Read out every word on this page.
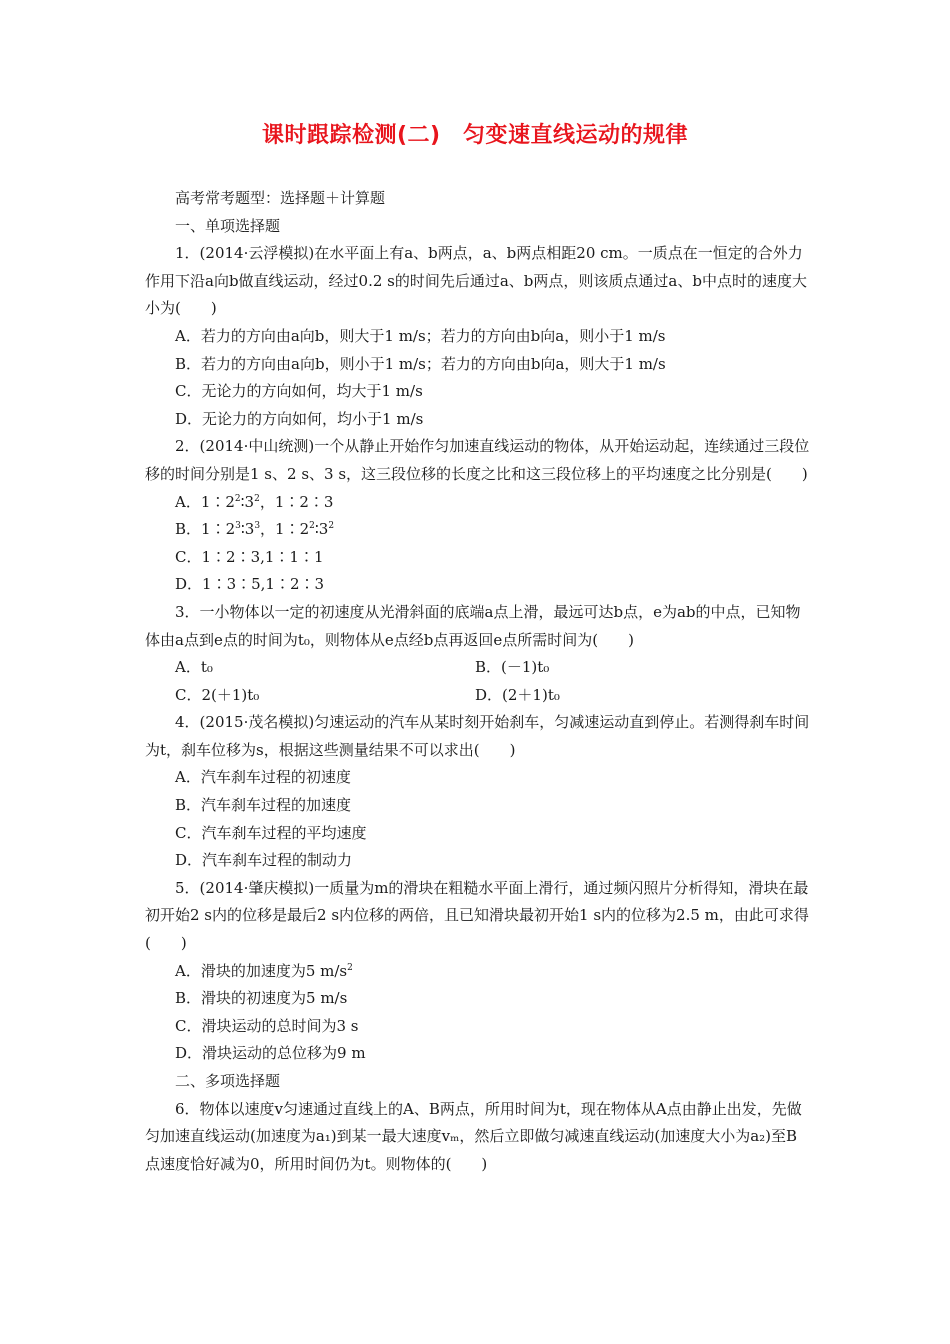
课时跟踪检测(二)　匀变速直线运动的规律

高考常考题型：选择题＋计算题

一、单项选择题

1．(2014·云浮模拟)在水平面上有a、b两点，a、b两点相距20 cm。一质点在一恒定的合外力作用下沿a向b做直线运动，经过0.2 s的时间先后通过a、b两点，则该质点通过a、b中点时的速度大小为(　　)

A．若力的方向由a向b，则大于1 m/s；若力的方向由b向a，则小于1 m/s

B．若力的方向由a向b，则小于1 m/s；若力的方向由b向a，则大于1 m/s

C．无论力的方向如何，均大于1 m/s

D．无论力的方向如何，均小于1 m/s

2．(2014·中山统测)一个从静止开始作匀加速直线运动的物体，从开始运动起，连续通过三段位移的时间分别是1 s、2 s、3 s，这三段位移的长度之比和这三段位移上的平均速度之比分别是(　　)

A．$1∶2^2∶3^2$，1∶2∶3

B．$1∶2^3∶3^3$，$1∶2^2∶3^2$

C．1∶2∶3,1∶1∶1

D．1∶3∶5,1∶2∶3

3．一小物体以一定的初速度从光滑斜面的底端a点上滑，最远可达b点，e为ab的中点，已知物体由a点到e点的时间为t₀，则物体从e点经b点再返回e点所需时间为(　　)

A．t₀	B．(－1)t₀
C．2(＋1)t₀	D．(2＋1)t₀

4．(2015·茂名模拟)匀速运动的汽车从某时刻开始刹车，匀减速运动直到停止。若测得刹车时间为t，刹车位移为s，根据这些测量结果不可以求出(　　)

A．汽车刹车过程的初速度

B．汽车刹车过程的加速度

C．汽车刹车过程的平均速度

D．汽车刹车过程的制动力

5．(2014·肇庆模拟)一质量为m的滑块在粗糙水平面上滑行，通过频闪照片分析得知，滑块在最初开始2 s内的位移是最后2 s内位移的两倍，且已知滑块最初开始1 s内的位移为2.5 m，由此可求得(　　)

A．滑块的加速度为5 $m/s^2$

B．滑块的初速度为5 m/s

C．滑块运动的总时间为3 s

D．滑块运动的总位移为9 m

二、多项选择题

6．物体以速度v匀速通过直线上的A、B两点，所用时间为t，现在物体从A点由静止出发，先做匀加速直线运动(加速度为a₁)到某一最大速度vₘ，然后立即做匀减速直线运动(加速度大小为a₂)至B点速度恰好减为0，所用时间仍为t。则物体的(　　)
